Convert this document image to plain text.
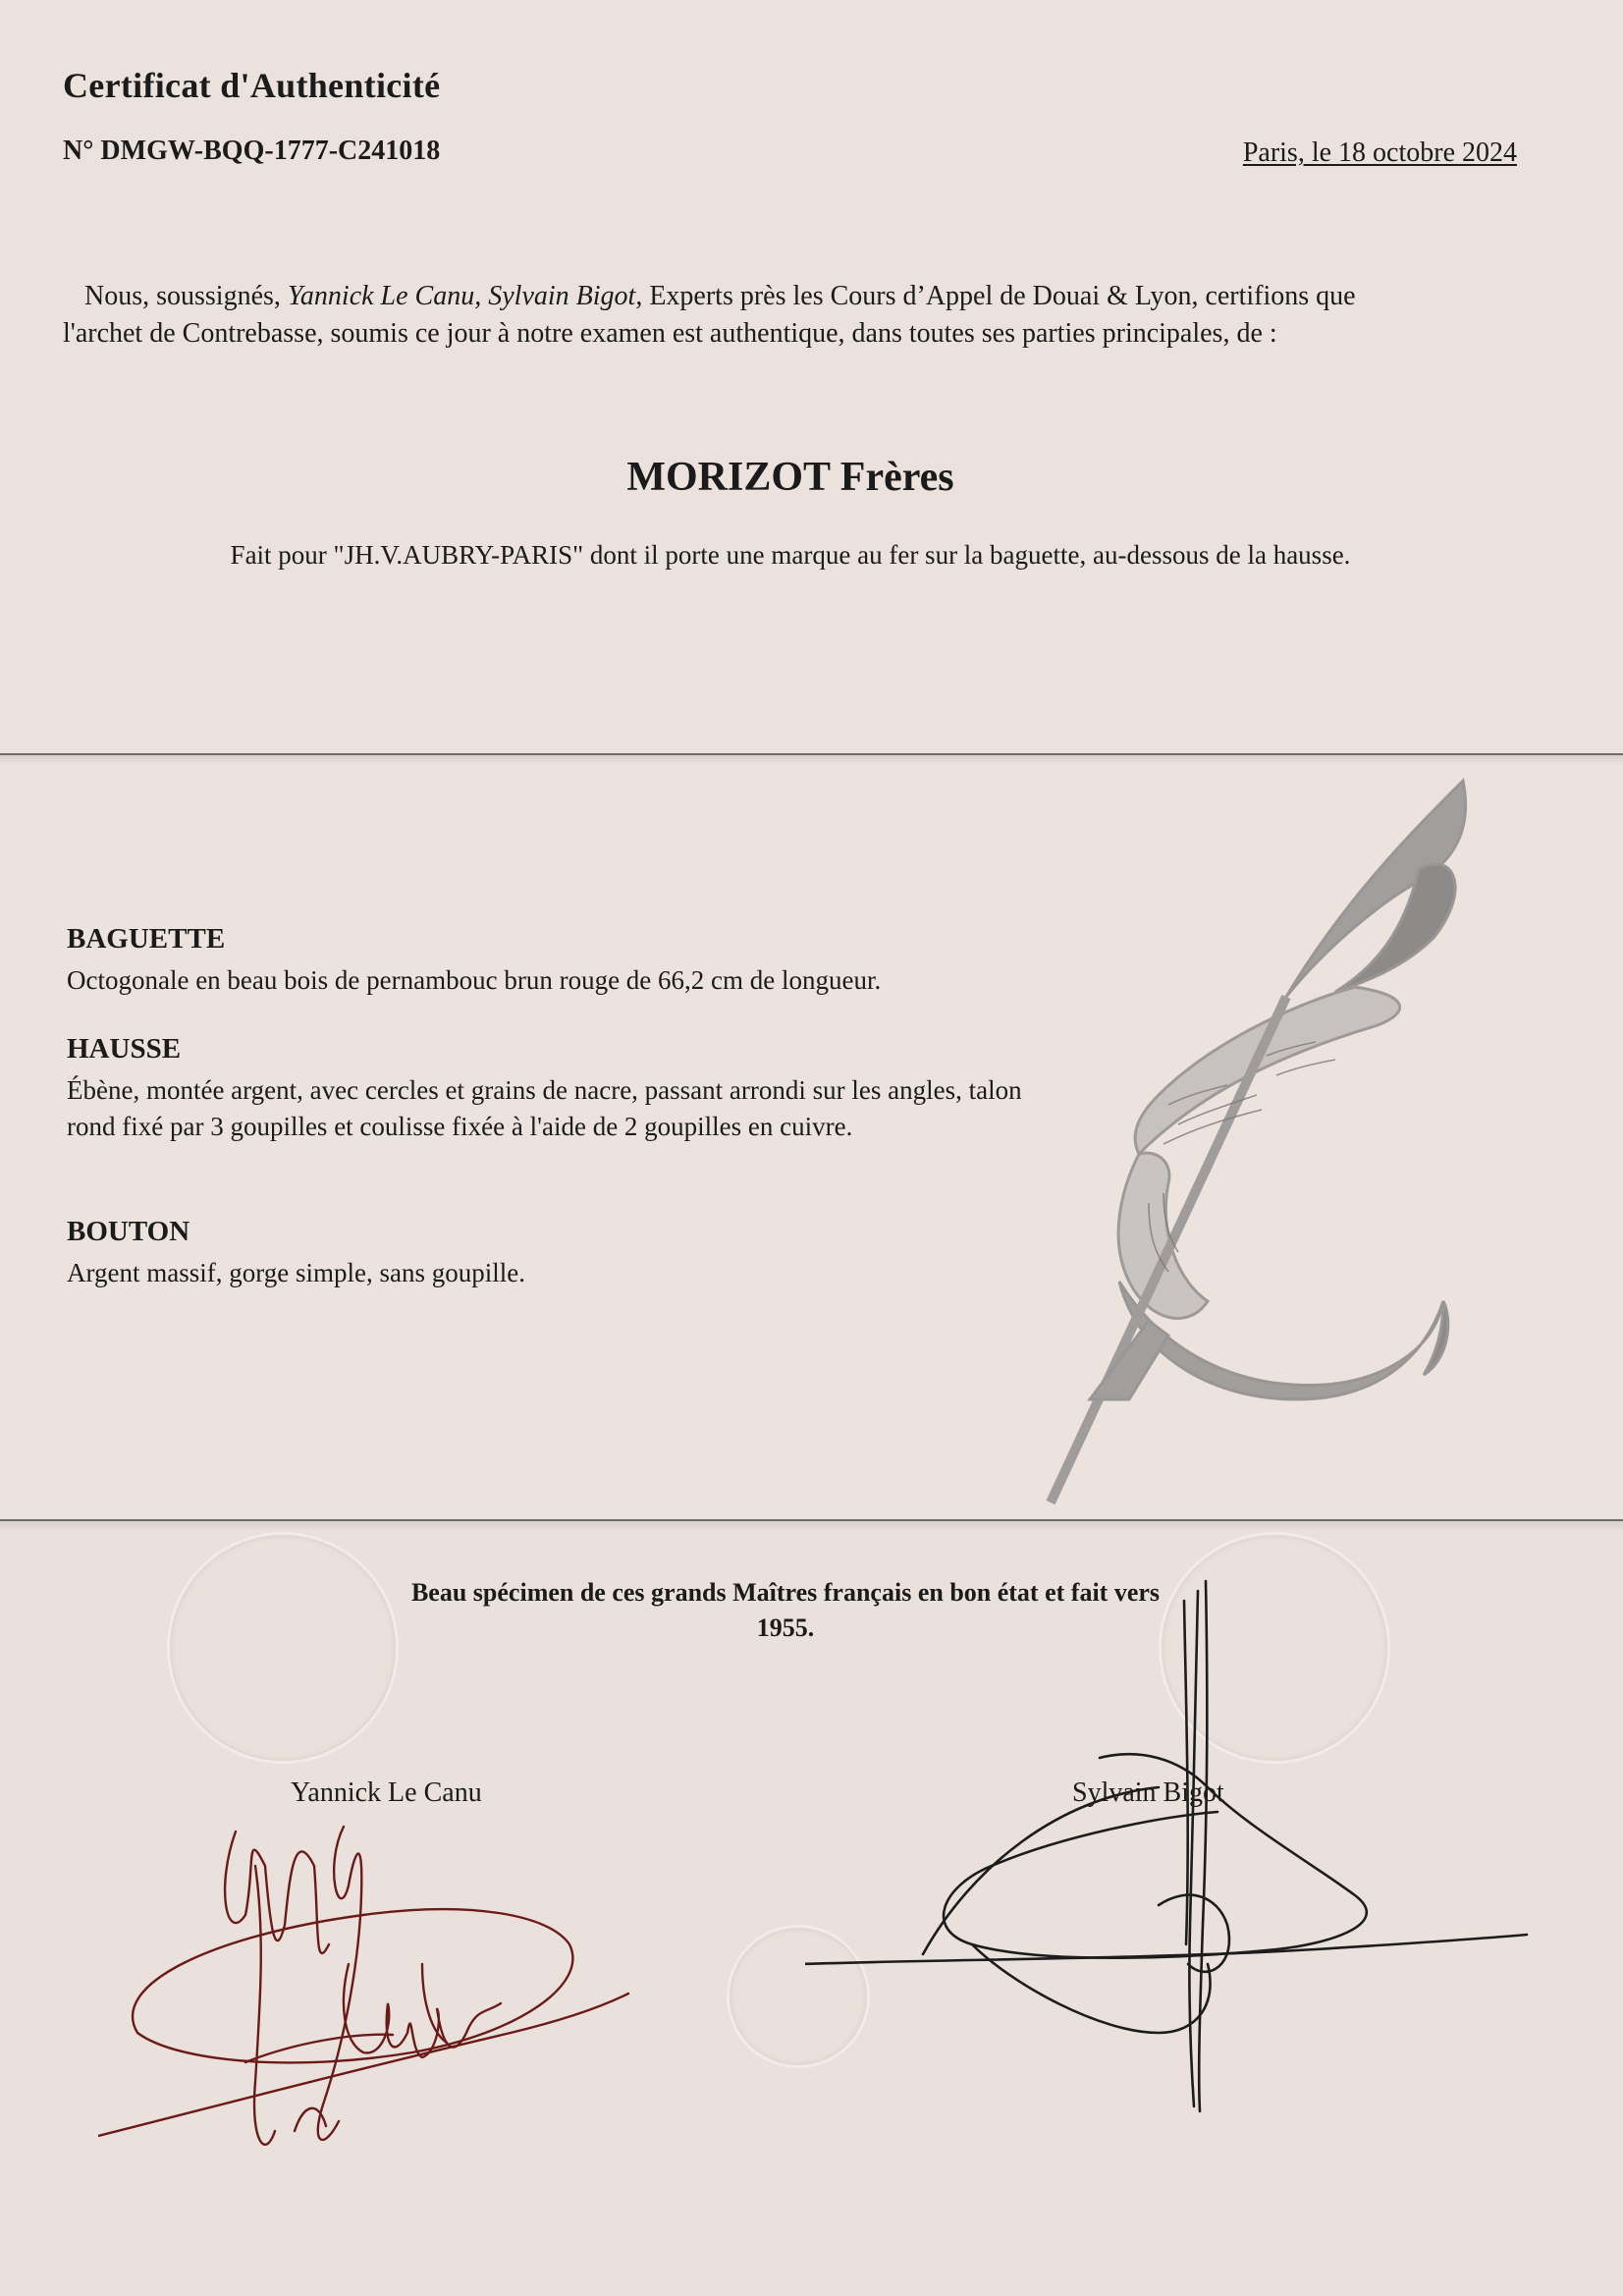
Certificat d'Authenticité
N° DMGW-BQQ-1777-C241018	Paris, le 18 octobre 2024
Nous, soussignés, Yannick Le Canu, Sylvain Bigot, Experts près les Cours d’Appel de Douai & Lyon, certifions que
l'archet de Contrebasse, soumis ce jour à notre examen est authentique, dans toutes ses parties principales, de :
MORIZOT Frères
Fait pour "JH.V.AUBRY-PARIS" dont il porte une marque au fer sur la baguette, au-dessous de la hausse.
BAGUETTE
Octogonale en beau bois de pernambouc brun rouge de 66,2 cm de longueur.
HAUSSE
Ébène, montée argent, avec cercles et grains de nacre, passant arrondi sur les angles, talon rond fixé par 3 goupilles et coulisse fixée à l'aide de 2 goupilles en cuivre.
BOUTON
Argent massif, gorge simple, sans goupille.
Beau spécimen de ces grands Maîtres français en bon état et fait vers
1955.
Yannick Le Canu	Sylvain Bigot
